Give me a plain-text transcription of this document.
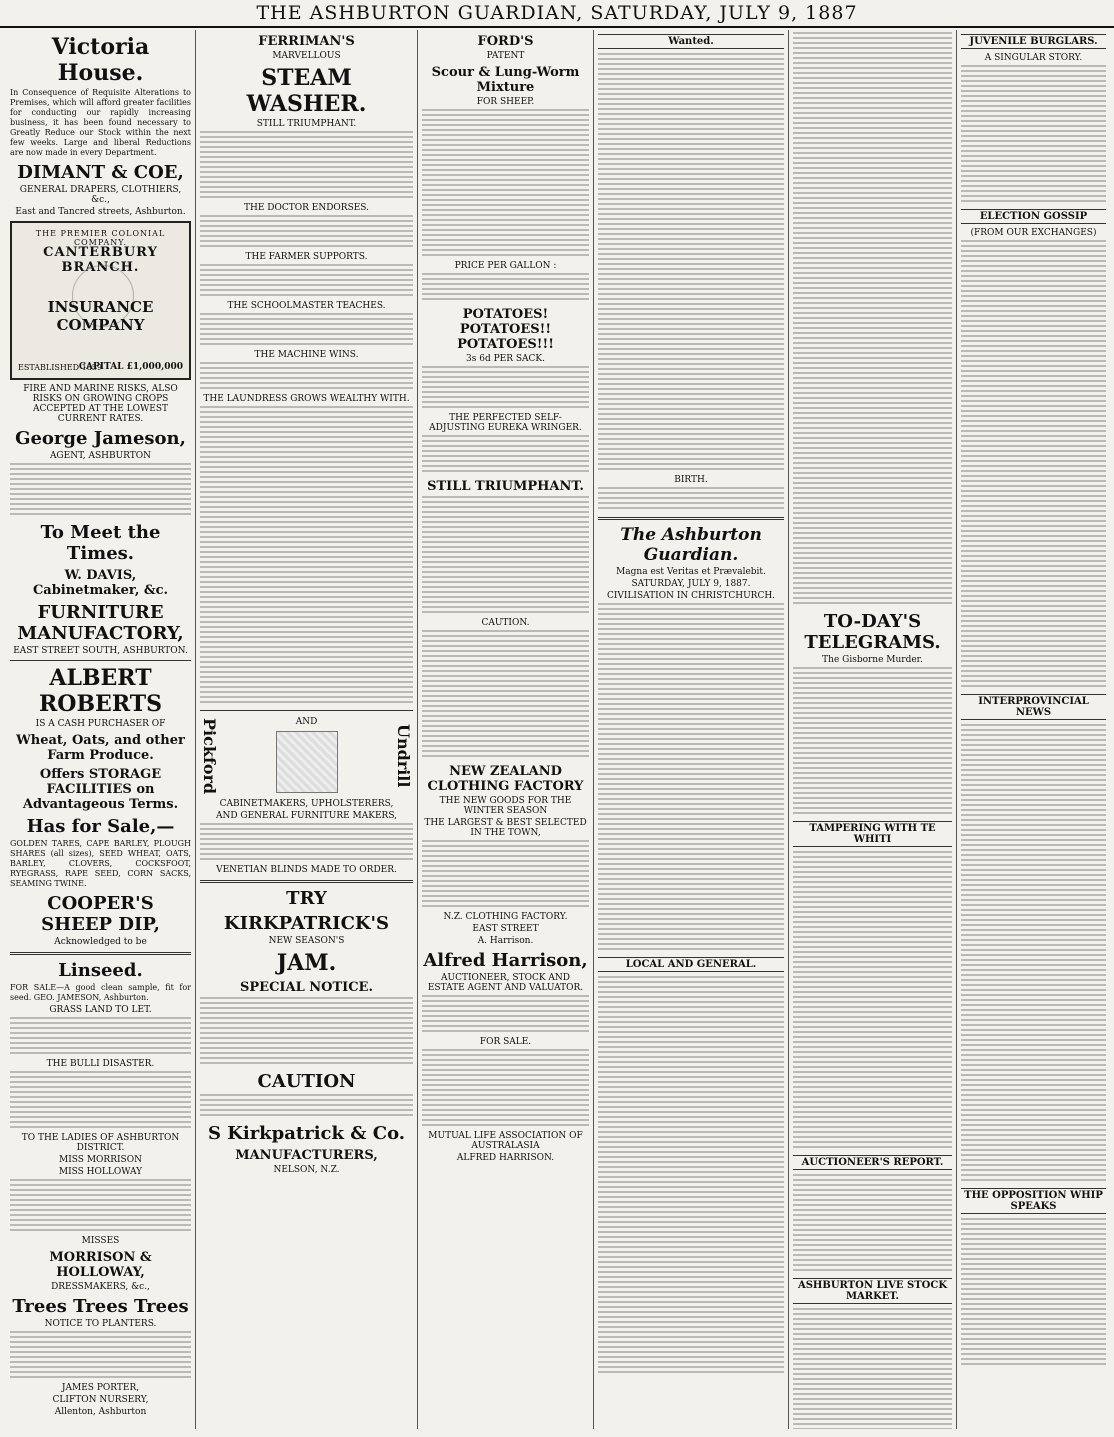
THE ASHBURTON GUARDIAN, SATURDAY, JULY 9, 1887
Victoria House.

In Consequence of Requisite Alterations to Premises, which will afford greater facilities for conducting our rapidly increasing business, it has been found necessary to Greatly Reduce our Stock within the next few weeks. Large and liberal Reductions are now made in every Department.

DIMANT & COE,
GENERAL DRAPERS, CLOTHIERS, &c.,
East and Tancred streets, Ashburton.
THE PREMIER COLONIAL COMPANY.
CANTERBURY BRANCH.
INSURANCE COMPANY
ESTABLISHED 1859
CAPITAL £1,000,000
FIRE AND MARINE RISKS, ALSO RISKS ON GROWING CROPS ACCEPTED AT THE LOWEST CURRENT RATES.
George Jameson,
AGENT, ASHBURTON
To Meet the Times.
W. DAVIS, Cabinetmaker, &c.
FURNITURE MANUFACTORY,
EAST STREET SOUTH, ASHBURTON.
ALBERT ROBERTS
IS A CASH PURCHASER OF
Wheat, Oats, and other Farm Produce.
Offers STORAGE FACILITIES on Advantageous Terms.
Has for Sale,—

GOLDEN TARES, CAPE BARLEY, PLOUGH SHARES (all sizes), SEED WHEAT, OATS, BARLEY, CLOVERS, COCKSFOOT, RYEGRASS, RAPE SEED, CORN SACKS, SEAMING TWINE.

COOPER'S SHEEP DIP,
Acknowledged to be
Linseed.

FOR SALE—A good clean sample, fit for seed. GEO. JAMESON, Ashburton.

GRASS LAND TO LET.
THE BULLI DISASTER.
TO THE LADIES OF ASHBURTON DISTRICT.
MISS MORRISON
MISS HOLLOWAY
MISSES
MORRISON & HOLLOWAY,
DRESSMAKERS, &c.,
Trees Trees Trees
NOTICE TO PLANTERS.
JAMES PORTER,
CLIFTON NURSERY,
Allenton, Ashburton
FERRIMAN'S
MARVELLOUS
STEAM WASHER.
STILL TRIUMPHANT.
THE DOCTOR ENDORSES.
THE FARMER SUPPORTS.
THE SCHOOLMASTER TEACHES.
THE MACHINE WINS.
THE LAUNDRESS GROWS WEALTHY WITH.
Pickford	AND
Undrill
CABINETMAKERS, UPHOLSTERERS,
AND GENERAL FURNITURE MAKERS,
VENETIAN BLINDS MADE TO ORDER.
TRY
KIRKPATRICK'S
NEW SEASON'S
JAM.
SPECIAL NOTICE.
CAUTION
S Kirkpatrick & Co.
MANUFACTURERS,
NELSON, N.Z.
FORD'S
PATENT
Scour & Lung-Worm Mixture
FOR SHEEP.
PRICE PER GALLON :
POTATOES! POTATOES!! POTATOES!!!
3s 6d PER SACK.
THE PERFECTED SELF-ADJUSTING EUREKA WRINGER.
STILL TRIUMPHANT.
CAUTION.
NEW ZEALAND CLOTHING FACTORY
THE NEW GOODS FOR THE WINTER SEASON
THE LARGEST & BEST SELECTED IN THE TOWN,
N.Z. CLOTHING FACTORY.
EAST STREET
A. Harrison.
Alfred Harrison,
AUCTIONEER, STOCK AND ESTATE AGENT AND VALUATOR.
FOR SALE.
MUTUAL LIFE ASSOCIATION OF AUSTRALASIA
ALFRED HARRISON.
Wanted.
BIRTH.
The Ashburton Guardian.
Magna est Veritas et Prævalebit.
SATURDAY, JULY 9, 1887.
CIVILISATION IN CHRISTCHURCH.
LOCAL AND GENERAL.
TO-DAY'S TELEGRAMS.
The Gisborne Murder.
TAMPERING WITH TE WHITI
AUCTIONEER'S REPORT.
ASHBURTON LIVE STOCK MARKET.
JUVENILE BURGLARS.
A SINGULAR STORY.
ELECTION GOSSIP
(FROM OUR EXCHANGES)
INTERPROVINCIAL NEWS
THE OPPOSITION WHIP SPEAKS
